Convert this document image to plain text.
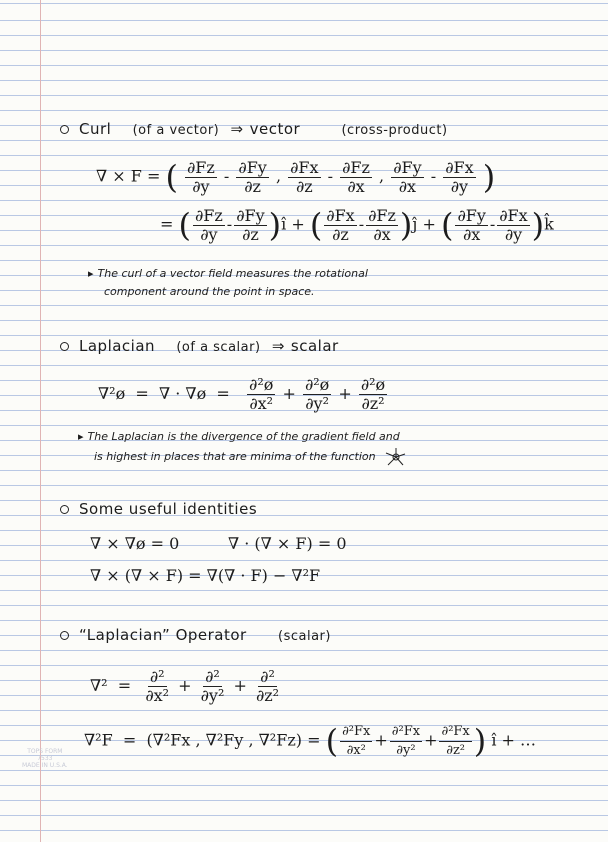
Curl (of a vector) ⇒ vector	(cross-product)
∇ × F = ( $\frac{\partial Fz}{\partial y} - \frac{\partial Fy}{\partial z}$ , $\frac{\partial Fx}{\partial z} - \frac{\partial Fz}{\partial x}$ , $\frac{\partial Fy}{\partial x} - \frac{\partial Fx}{\partial y}$ )
= ( $\frac{\partial Fz}{\partial y} - \frac{\partial Fy}{\partial z}$ )î + ( $\frac{\partial Fx}{\partial z} - \frac{\partial Fz}{\partial x}$ )ĵ + ( $\frac{\partial Fy}{\partial x} - \frac{\partial Fx}{\partial y}$ )k̂
▸ The curl of a vector field measures the rotational
component around the point in space.
Laplacian (of a scalar) ⇒ scalar
∇²ø  =  ∇ · ∇ø  = $\frac{\text{∂²ø}}{\text{∂x²}} + \frac{\text{∂²ø}}{\text{∂y²}} + \frac{\text{∂²ø}}{\text{∂z²}}$
▸ The Laplacian is the divergence of the gradient field and
is highest in places that are minima of the function
Some useful identities
∇ × ∇ø = 0	∇ · (∇ × F) = 0
∇ × (∇ × F) = ∇(∇ · F) − ∇²F
“Laplacian” Operator (scalar)
$\nabla^2 = \frac{\text{∂²}}{\text{∂x²}} + \frac{\text{∂²}}{\text{∂y²}} + \frac{\text{∂²}}{\text{∂z²}}$
∇²F  =  (∇²Fx , ∇²Fy , ∇²Fz) = ( $\frac{\text{∂²Fx}}{\text{∂x²}} + \frac{\text{∂²Fx}}{\text{∂y²}} + \frac{\text{∂²Fx}}{\text{∂z²}}$ ) î + …
TOPS FORM
7533
MADE IN U.S.A.
